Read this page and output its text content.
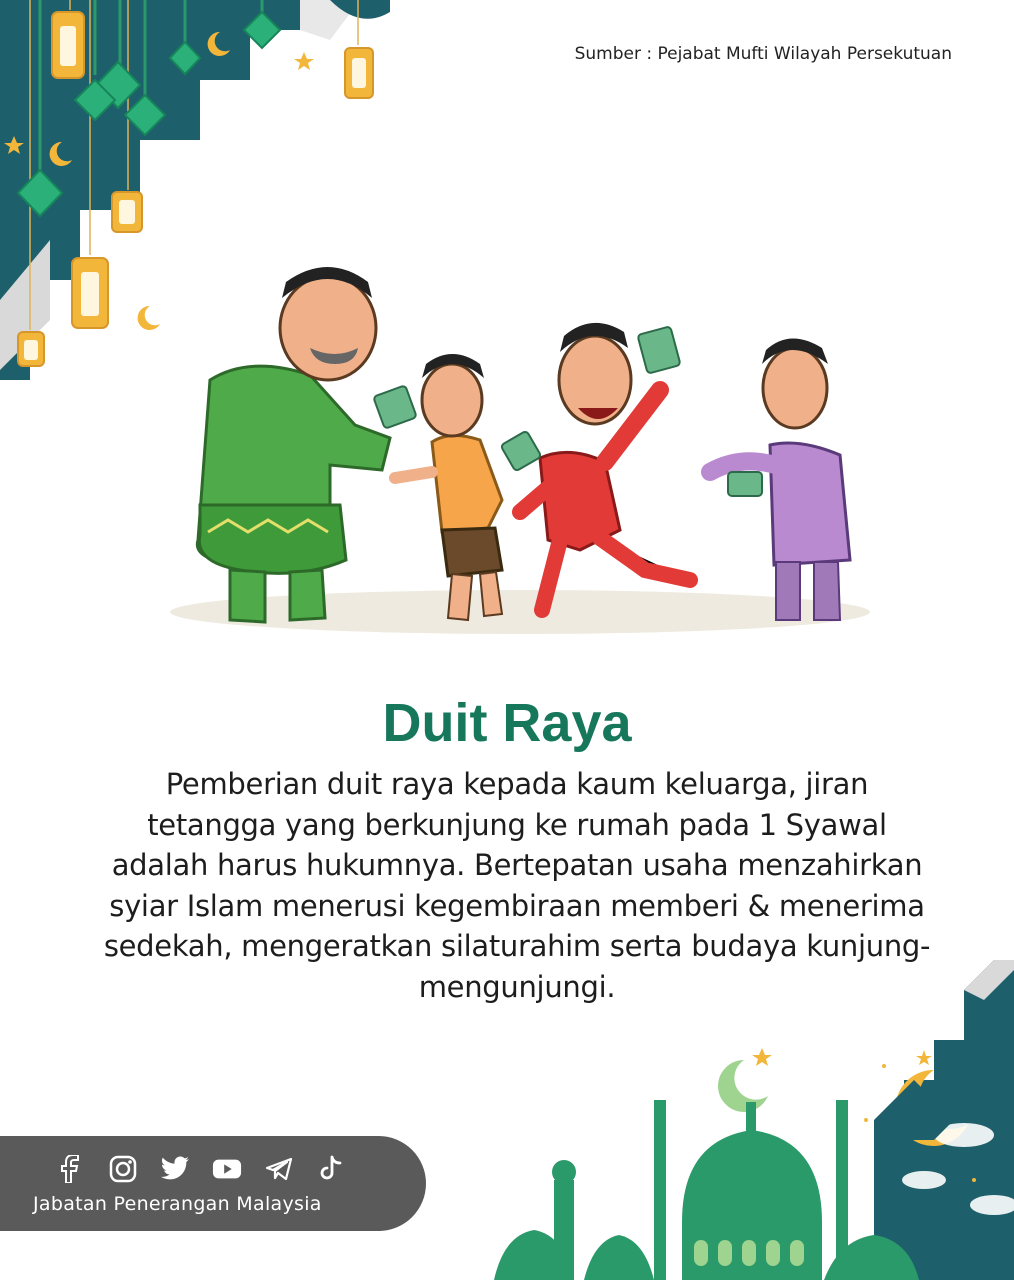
Sumber : Pejabat Mufti Wilayah Persekutuan
Duit Raya

Pemberian duit raya kepada kaum keluarga, jiran tetangga yang berkunjung ke rumah pada 1 Syawal adalah harus hukumnya. Bertepatan usaha menzahirkan syiar Islam menerusi kegembiraan memberi & menerima sedekah, mengeratkan silaturahim serta budaya kunjung-mengunjungi.

Jabatan Penerangan Malaysia
